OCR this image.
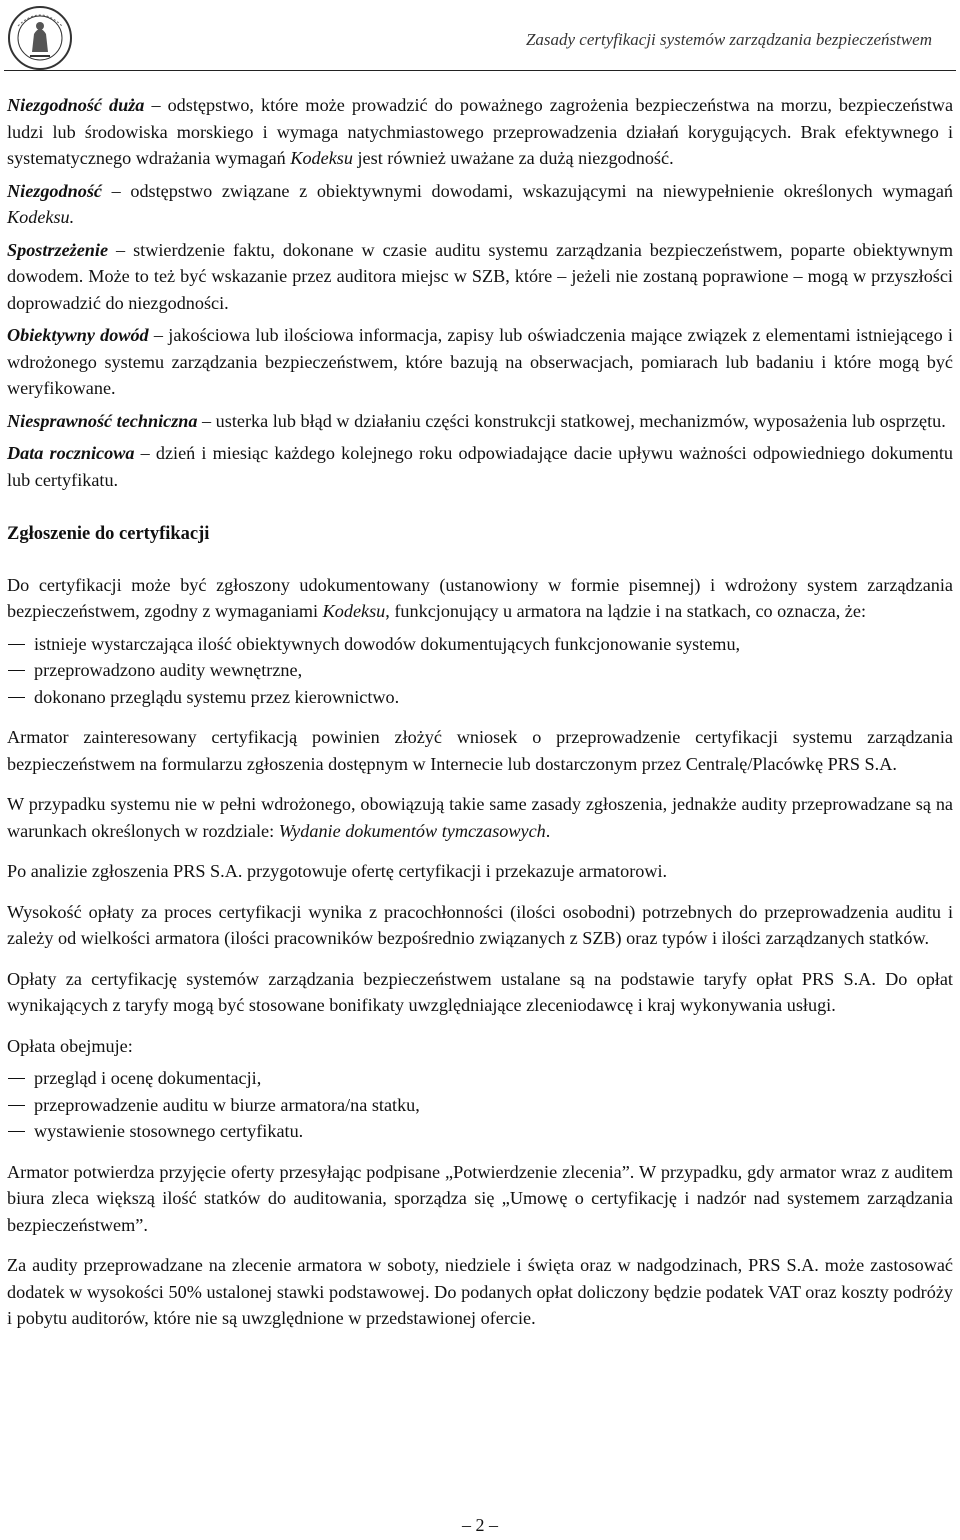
Zasady certyfikacji systemów zarządzania bezpieczeństwem

Niezgodność duża – odstępstwo, które może prowadzić do poważnego zagrożenia bezpieczeństwa na morzu, bezpieczeństwa ludzi lub środowiska morskiego i wymaga natychmiastowego przeprowadzenia działań korygujących. Brak efektywnego i systematycznego wdrażania wymagań Kodeksu jest również uważane za dużą niezgodność.

Niezgodność – odstępstwo związane z obiektywnymi dowodami, wskazującymi na niewypełnienie określonych wymagań Kodeksu.

Spostrzeżenie – stwierdzenie faktu, dokonane w czasie auditu systemu zarządzania bezpieczeństwem, poparte obiektywnym dowodem. Może to też być wskazanie przez auditora miejsc w SZB, które – jeżeli nie zostaną poprawione – mogą w przyszłości doprowadzić do niezgodności.

Obiektywny dowód – jakościowa lub ilościowa informacja, zapisy lub oświadczenia mające związek z elementami istniejącego i wdrożonego systemu zarządzania bezpieczeństwem, które bazują na obserwacjach, pomiarach lub badaniu i które mogą być weryfikowane.

Niesprawność techniczna – usterka lub błąd w działaniu części konstrukcji statkowej, mechanizmów, wyposażenia lub osprzętu.

Data rocznicowa – dzień i miesiąc każdego kolejnego roku odpowiadające dacie upływu ważności odpowiedniego dokumentu lub certyfikatu.

Zgłoszenie do certyfikacji

Do certyfikacji może być zgłoszony udokumentowany (ustanowiony w formie pisemnej) i wdrożony system zarządzania bezpieczeństwem, zgodny z wymaganiami Kodeksu, funkcjonujący u armatora na lądzie i na statkach, co oznacza, że:

istnieje wystarczająca ilość obiektywnych dowodów dokumentujących funkcjonowanie systemu,
przeprowadzono audity wewnętrzne,
dokonano przeglądu systemu przez kierownictwo.

Armator zainteresowany certyfikacją powinien złożyć wniosek o przeprowadzenie certyfikacji systemu zarządzania bezpieczeństwem na formularzu zgłoszenia dostępnym w Internecie lub dostarczonym przez Centralę/Placówkę PRS S.A.

W przypadku systemu nie w pełni wdrożonego, obowiązują takie same zasady zgłoszenia, jednakże audity przeprowadzane są na warunkach określonych w rozdziale: Wydanie dokumentów tymczasowych.

Po analizie zgłoszenia PRS S.A. przygotowuje ofertę certyfikacji i przekazuje armatorowi.

Wysokość opłaty za proces certyfikacji wynika z pracochłonności (ilości osobodni) potrzebnych do przeprowadzenia auditu i zależy od wielkości armatora (ilości pracowników bezpośrednio związanych z SZB) oraz typów i ilości zarządzanych statków.

Opłaty za certyfikację systemów zarządzania bezpieczeństwem ustalane są na podstawie taryfy opłat PRS S.A. Do opłat wynikających z taryfy mogą być stosowane bonifikaty uwzględniające zleceniodawcę i kraj wykonywania usługi.

Opłata obejmuje:

przegląd i ocenę dokumentacji,
przeprowadzenie auditu w biurze armatora/na statku,
wystawienie stosownego certyfikatu.

Armator potwierdza przyjęcie oferty przesyłając podpisane „Potwierdzenie zlecenia”. W przypadku, gdy armator wraz z auditem biura zleca większą ilość statków do auditowania, sporządza się „Umowę o certyfikację i nadzór nad systemem zarządzania bezpieczeństwem”.

Za audity przeprowadzane na zlecenie armatora w soboty, niedziele i święta oraz w nadgodzinach, PRS S.A. może zastosować dodatek w wysokości 50% ustalonej stawki podstawowej. Do podanych opłat doliczony będzie podatek VAT oraz koszty podróży i pobytu auditorów, które nie są uwzględnione w przedstawionej ofercie.

– 2 –
